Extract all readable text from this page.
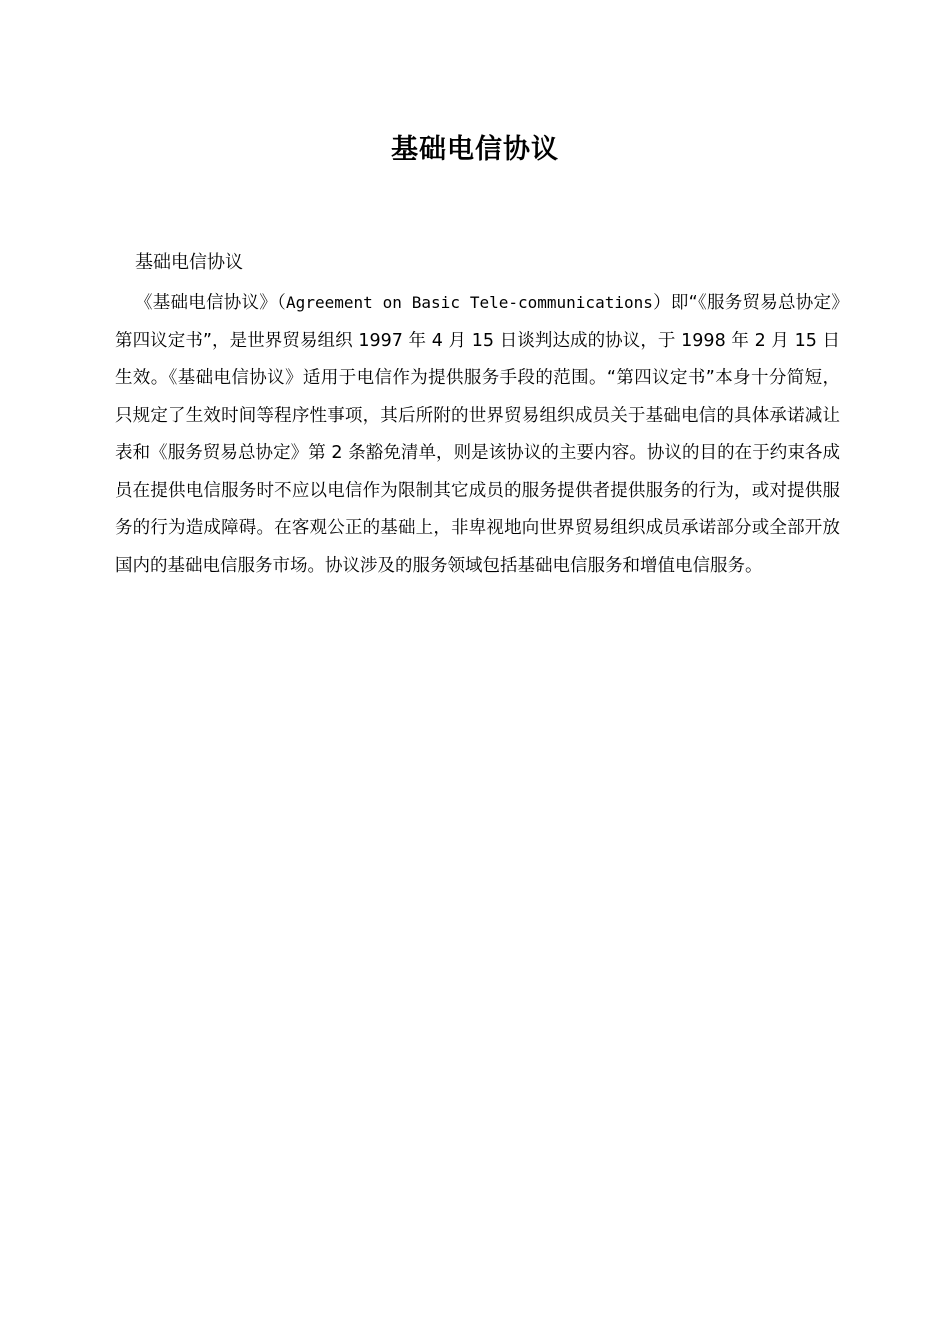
基础电信协议
基础电信协议

《基础电信协议》（Agreement on Basic Tele-communications）即“《服务贸易总协定》第四议定书”，是世界贸易组织 1997 年 4 月 15 日谈判达成的协议，于 1998 年 2 月 15 日生效。《基础电信协议》适用于电信作为提供服务手段的范围。“第四议定书”本身十分简短，只规定了生效时间等程序性事项，其后所附的世界贸易组织成员关于基础电信的具体承诺减让表和《服务贸易总协定》第 2 条豁免清单，则是该协议的主要内容。协议的目的在于约束各成员在提供电信服务时不应以电信作为限制其它成员的服务提供者提供服务的行为，或对提供服务的行为造成障碍。在客观公正的基础上，非卑视地向世界贸易组织成员承诺部分或全部开放国内的基础电信服务市场。协议涉及的服务领域包括基础电信服务和增值电信服务。
